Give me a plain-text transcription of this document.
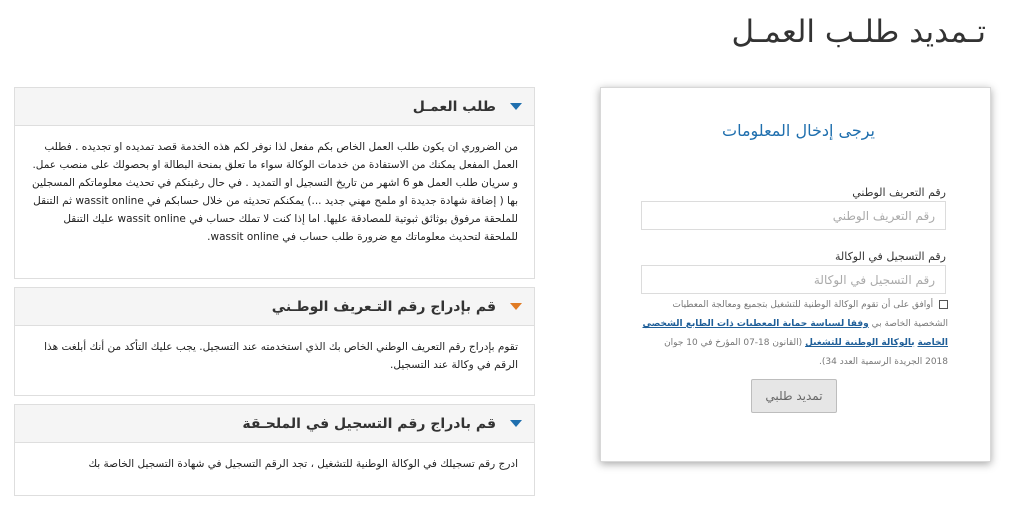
تـمديد طلـب العمـل
يرجى إدخال المعلومات
رقم التعريف الوطني
رقم التعريف الوطني
رقم التسجيل في الوكالة
رقم التسجيل في الوكالة
أوافق على أن تقوم الوكالة الوطنية للتشغيل بتجميع ومعالجة المعطيات الشخصية الخاصة بي وفقا لسياسة حماية المعطيات ذات الطابع الشخصي الخاصة بالوكالة الوطنية للتشغيل (القانون 18-07 المؤرخ في 10 جوان 2018 الجريدة الرسمية العدد 34).
تمديد طلبي
طلب العمـل
من الضروري ان يكون طلب العمل الخاص بكم مفعل لذا نوفر لكم هذه الخدمة قصد تمديده او تجديده . فطلب العمل المفعل يمكنك من الاستفادة من خدمات الوكالة سواء ما تعلق بمنحة البطالة او بحصولك على منصب عمل. و سريان طلب العمل هو 6 اشهر من تاريخ التسجيل او التمديد . في حال رغبتكم في تحديث معلوماتكم المسجلين بها ( إضافة شهادة جديدة او ملمح مهني جديد ...) يمكنكم تحديثه من خلال حسابكم في wassit online ثم التنقل للملحقة مرفوق بوثائق ثبوتية للمصادقة عليها. اما إذا كنت لا تملك حساب في wassit online عليك التنقل للملحقة لتحديث معلوماتك مع ضرورة طلب حساب في wassit online.
قم بإدراج رقم التـعريف الوطـني
تقوم بإدراج رقم التعريف الوطني الخاص بك الذي استخدمته عند التسجيل. يجب عليك التأكد من أنك أبلغت هذا الرقم في وكالة عند التسجيل.
قم بادراج رقم التسجيل في الملحـقة
ادرج رقم تسجيلك في الوكالة الوطنية للتشغيل ، تجد الرقم التسجيل في شهادة التسجيل الخاصة بك
